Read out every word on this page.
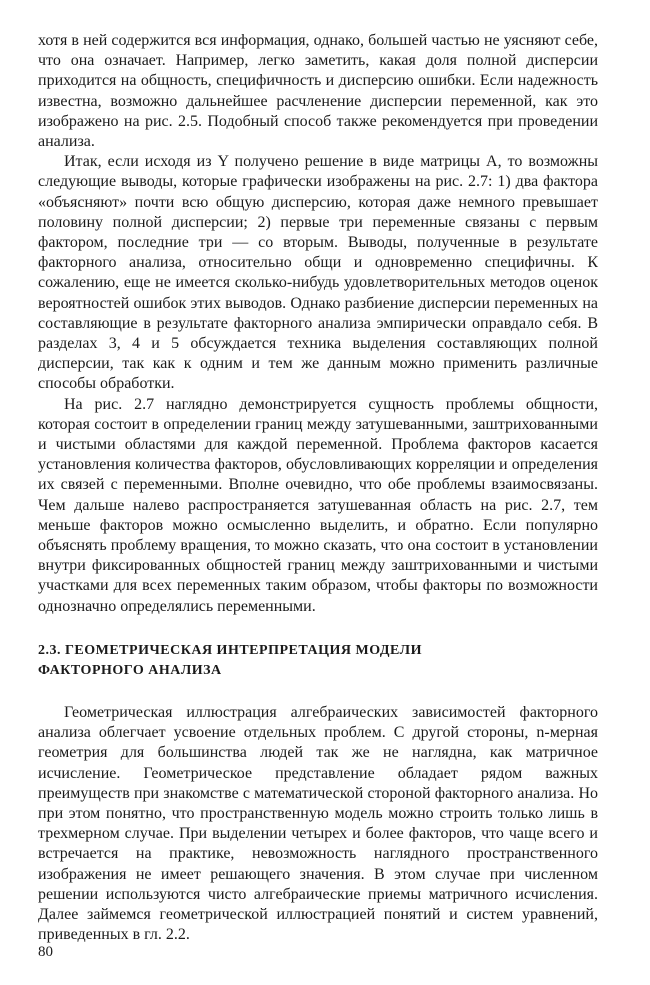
хотя в ней содержится вся информация, однако, большей частью не уясняют себе, что она означает. Например, легко заметить, какая доля полной дисперсии приходится на общность, специфичность и дисперсию ошибки. Если надежность известна, возможно дальнейшее расчленение дисперсии переменной, как это изображено на рис. 2.5. Подобный способ также рекомендуется при проведении анализа.

Итак, если исходя из Y получено решение в виде матрицы A, то возможны следующие выводы, которые графически изображены на рис. 2.7: 1) два фактора «объясняют» почти всю общую дисперсию, которая даже немного превышает половину полной дисперсии; 2) первые три переменные связаны с первым фактором, последние три — со вторым. Выводы, полученные в результате факторного анализа, относительно общи и одновременно специфичны. К сожалению, еще не имеется сколько-нибудь удовлетворительных методов оценок вероятностей ошибок этих выводов. Однако разбиение дисперсии переменных на составляющие в результате факторного анализа эмпирически оправдало себя. В разделах 3, 4 и 5 обсуждается техника выделения составляющих полной дисперсии, так как к одним и тем же данным можно применить различные способы обработки.

На рис. 2.7 наглядно демонстрируется сущность проблемы общности, которая состоит в определении границ между затушеванными, заштрихованными и чистыми областями для каждой переменной. Проблема факторов касается установления количества факторов, обусловливающих корреляции и определения их связей с переменными. Вполне очевидно, что обе проблемы взаимосвязаны. Чем дальше налево распространяется затушеванная область на рис. 2.7, тем меньше факторов можно осмысленно выделить, и обратно. Если популярно объяснять проблему вращения, то можно сказать, что она состоит в установлении внутри фиксированных общностей границ между заштрихованными и чистыми участками для всех переменных таким образом, чтобы факторы по возможности однозначно определялись переменными.

2.3. ГЕОМЕТРИЧЕСКАЯ ИНТЕРПРЕТАЦИЯ МОДЕЛИ
ФАКТОРНОГО АНАЛИЗА

Геометрическая иллюстрация алгебраических зависимостей факторного анализа облегчает усвоение отдельных проблем. С другой стороны, n-мерная геометрия для большинства людей так же не наглядна, как матричное исчисление. Геометрическое представление обладает рядом важных преимуществ при знакомстве с математической стороной факторного анализа. Но при этом понятно, что пространственную модель можно строить только лишь в трехмерном случае. При выделении четырех и более факторов, что чаще всего и встречается на практике, невозможность наглядного пространственного изображения не имеет решающего значения. В этом случае при численном решении используются чисто алгебраические приемы матричного исчисления. Далее займемся геометрической иллюстрацией понятий и систем уравнений, приведенных в гл. 2.2.

80
